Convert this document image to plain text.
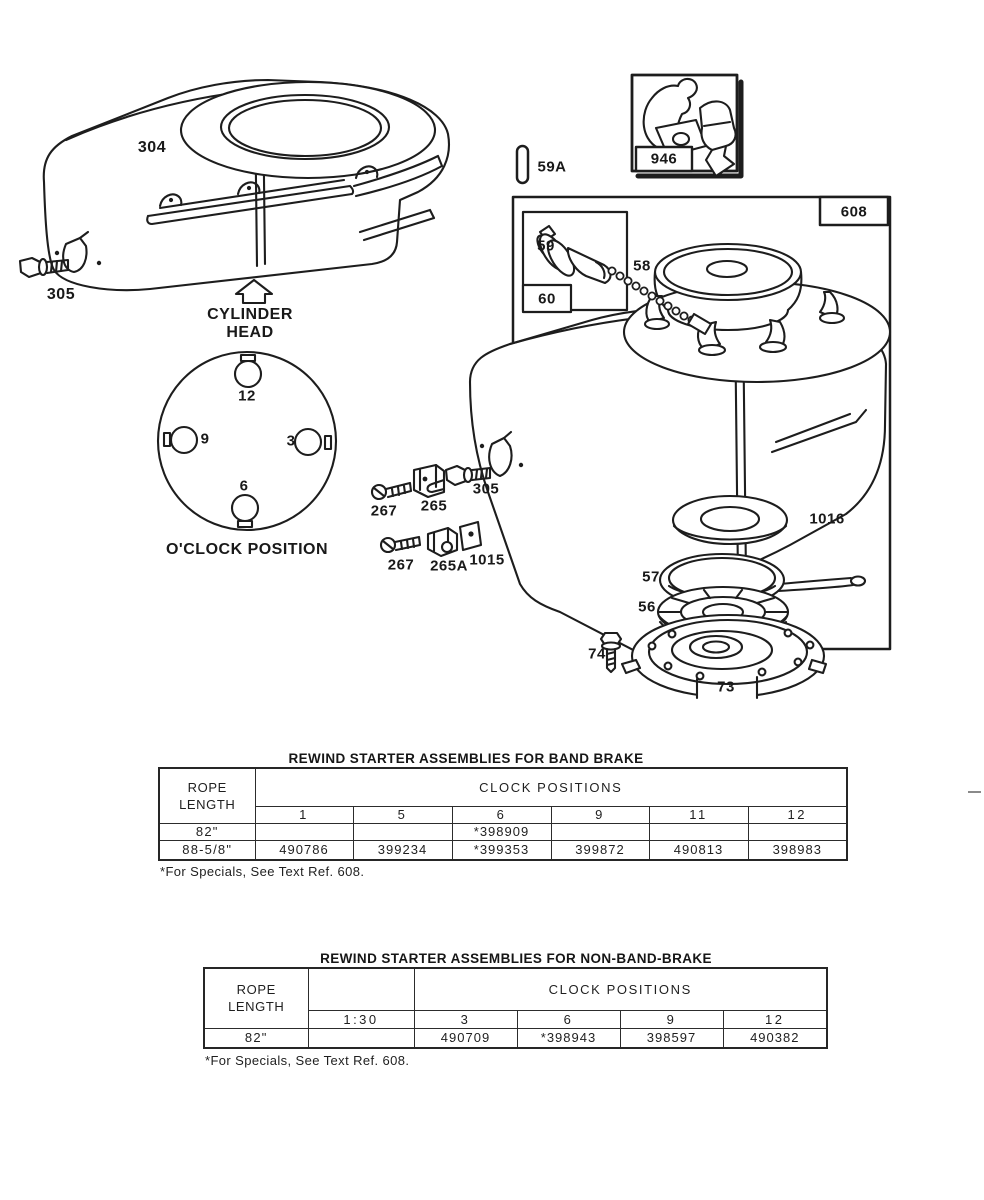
304
305
CYLINDER
HEAD
12
9	3
6
O'CLOCK POSITION
59A	946
608
60
59
58
267 265
305
267 265A 1015
1016
57
56
74
73
REWIND STARTER ASSEMBLIES FOR BAND BRAKE
ROPE LENGTH	CLOCK POSITIONS					
	1	5	6	9	11	12
82"			*398909			
88-5/8"	490786	399234	*399353	399872	490813	398983
*For Specials, See Text Ref. 608.
REWIND STARTER ASSEMBLIES FOR NON-BAND-BRAKE
ROPE LENGTH		CLOCK POSITIONS			
	1:30	3	6	9	12
82"		490709	*398943	398597	490382
*For Specials, See Text Ref. 608.
